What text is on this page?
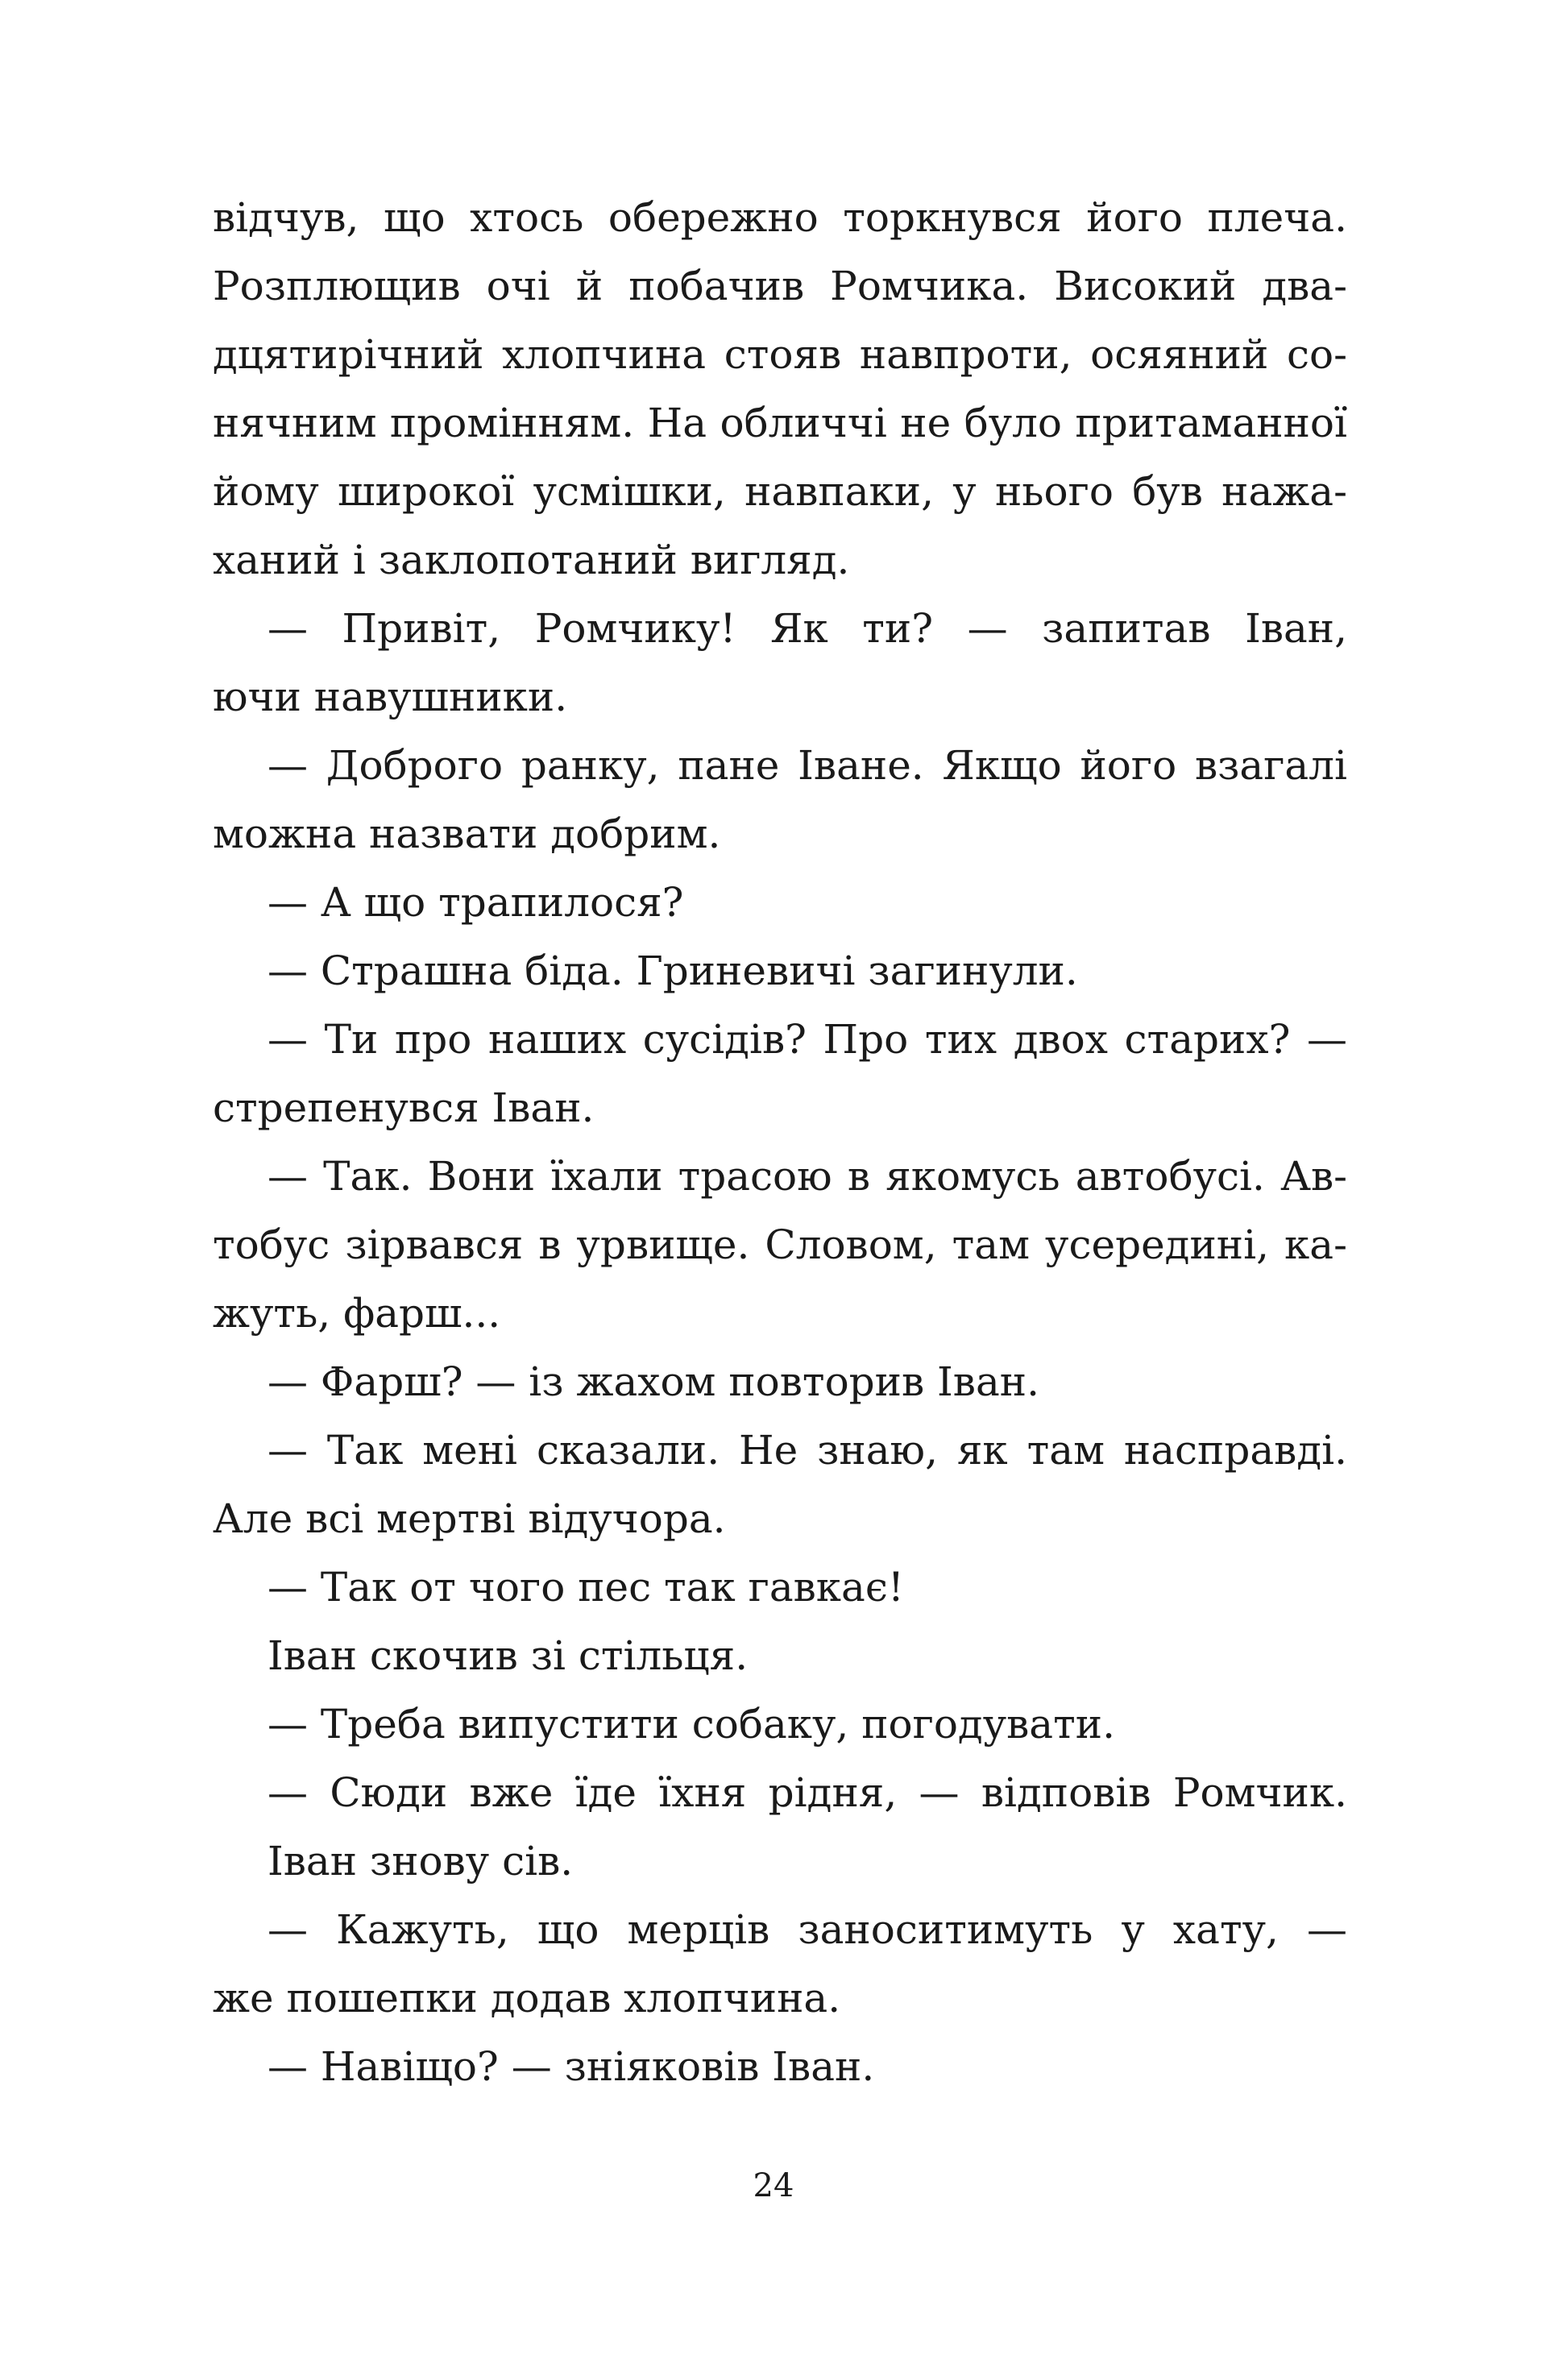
відчув, що хтось обережно торкнувся його плеча.
Розплющив очі й побачив Ромчика. Високий два-
дцятирічний хлопчина стояв навпроти, осяяний со-
нячним промінням. На обличчі не було притаманної
йому широкої усмішки, навпаки, у нього був нажа-
ханий і заклопотаний вигляд.
— Привіт, Ромчику! Як ти? — запитав Іван,
ючи навушники.
— Доброго ранку, пане Іване. Якщо його взагалі
можна назвати добрим.
— А що трапилося?
— Страшна біда. Гриневичі загинули.
— Ти про наших сусідів? Про тих двох старих? —
стрепенувся Іван.
— Так. Вони їхали трасою в якомусь автобусі. Ав-
тобус зірвався в урвище. Словом, там усередині, ка-
жуть, фарш...
— Фарш? — із жахом повторив Іван.
— Так мені сказали. Не знаю, як там насправді.
Але всі мертві відучора.
— Так от чого пес так гавкає!
Іван скочив зі стільця.
— Треба випустити собаку, погодувати.
— Сюди вже їде їхня рідня, — відповів Ромчик.
Іван знову сів.
— Кажуть, що мерців заноситимуть у хату, —
же пошепки додав хлопчина.
— Навіщо? — зніяковів Іван.
24
